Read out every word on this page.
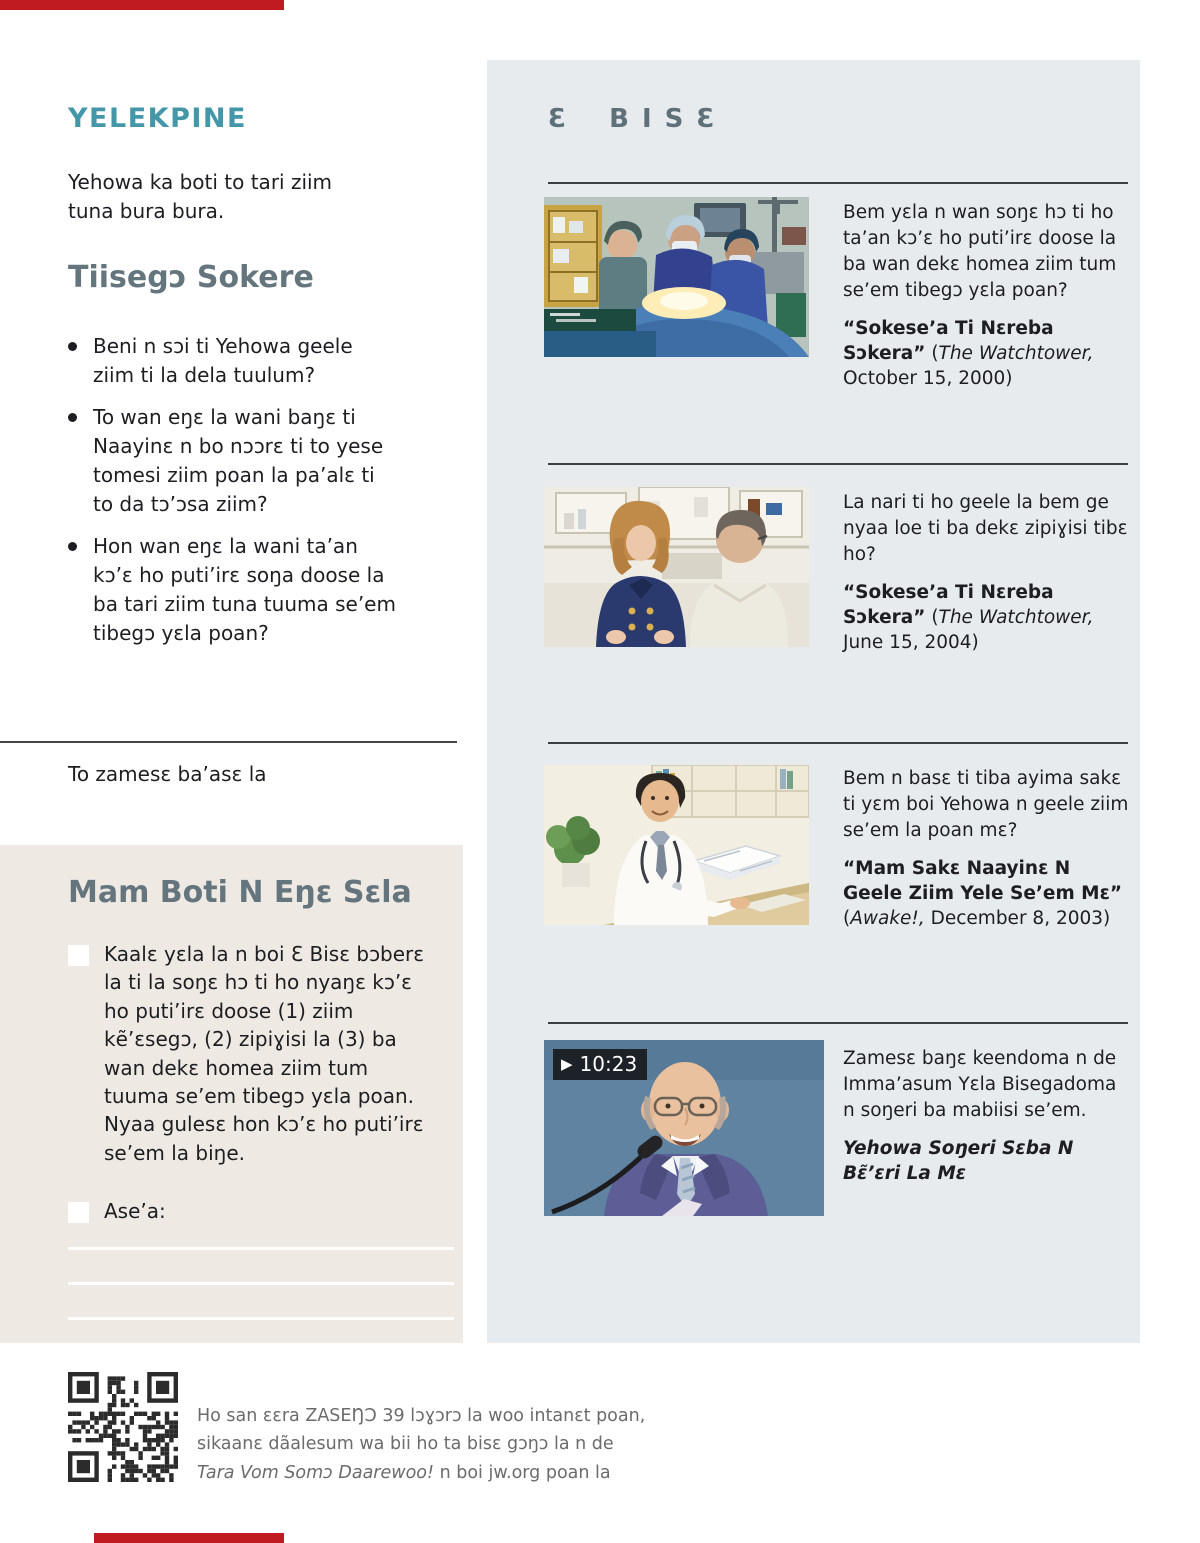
YELEKPINE
Yehowa ka boti to tari ziim tuna bura bura.
Tiisegɔ Sokere
Beni n sɔi ti Yehowa geele ziim ti la dela tuulum?
To wan eŋɛ la wani baŋɛ ti Naayinɛ n bo nɔɔrɛ ti to yese tomesi ziim poan la pa’alɛ ti to da tɔ’ɔsa ziim?
Hon wan eŋɛ la wani ta’an kɔ’ɛ ho puti’irɛ soŋa doose la ba tari ziim tuna tuuma se’em tibegɔ yɛla poan?
To zamesɛ ba’asɛ la
Mam Boti N Eŋɛ Sɛla
Kaalɛ yɛla la n boi Ɛ Bisɛ bɔberɛ la ti la soŋɛ hɔ ti ho nyaŋɛ kɔ’ɛ ho puti’irɛ doose (1) ziim kẽ’ɛsegɔ, (2) zipiɣisi la (3) ba wan dekɛ homea ziim tum tuuma se’em tibegɔ yɛla poan. Nyaa gulesɛ hon kɔ’ɛ ho puti’irɛ se’em la biŋe.
Ase’a:
Ho san ɛɛra ZASEŊƆ 39 lɔɣɔrɔ la woo intanɛt poan,
sikaanɛ dãalesum wa bii ho ta bisɛ gɔŋɔ la n de
Tara Vom Somɔ Daarewoo! n boi jw.org poan la
Ɛ BISƐ

Bem yɛla n wan soŋɛ hɔ ti ho ta’an kɔ’ɛ ho puti’irɛ doose la ba wan dekɛ homea ziim tum se’em tibegɔ yɛla poan?

“Sokese’a Ti Nɛreba Sɔkera” (The Watchtower, October 15, 2000)

La nari ti ho geele la bem ge nyaa loe ti ba dekɛ zipiɣisi tibɛ ho?

“Sokese’a Ti Nɛreba Sɔkera” (The Watchtower, June 15, 2004)

Bem n basɛ ti tiba ayima sakɛ ti yɛm boi Yehowa n geele ziim se’em la poan mɛ?

“Mam Sakɛ Naayinɛ N Geele Ziim Yele Se’em Mɛ” (Awake!, December 8, 2003)

▶ 10:23	Zamesɛ baŋɛ keendoma n de Imma’asum Yɛla Bisegadoma n soŋeri ba mabiisi se’em.

Yehowa Soŋeri Sɛba N Bɛ̃’ɛri La Mɛ
